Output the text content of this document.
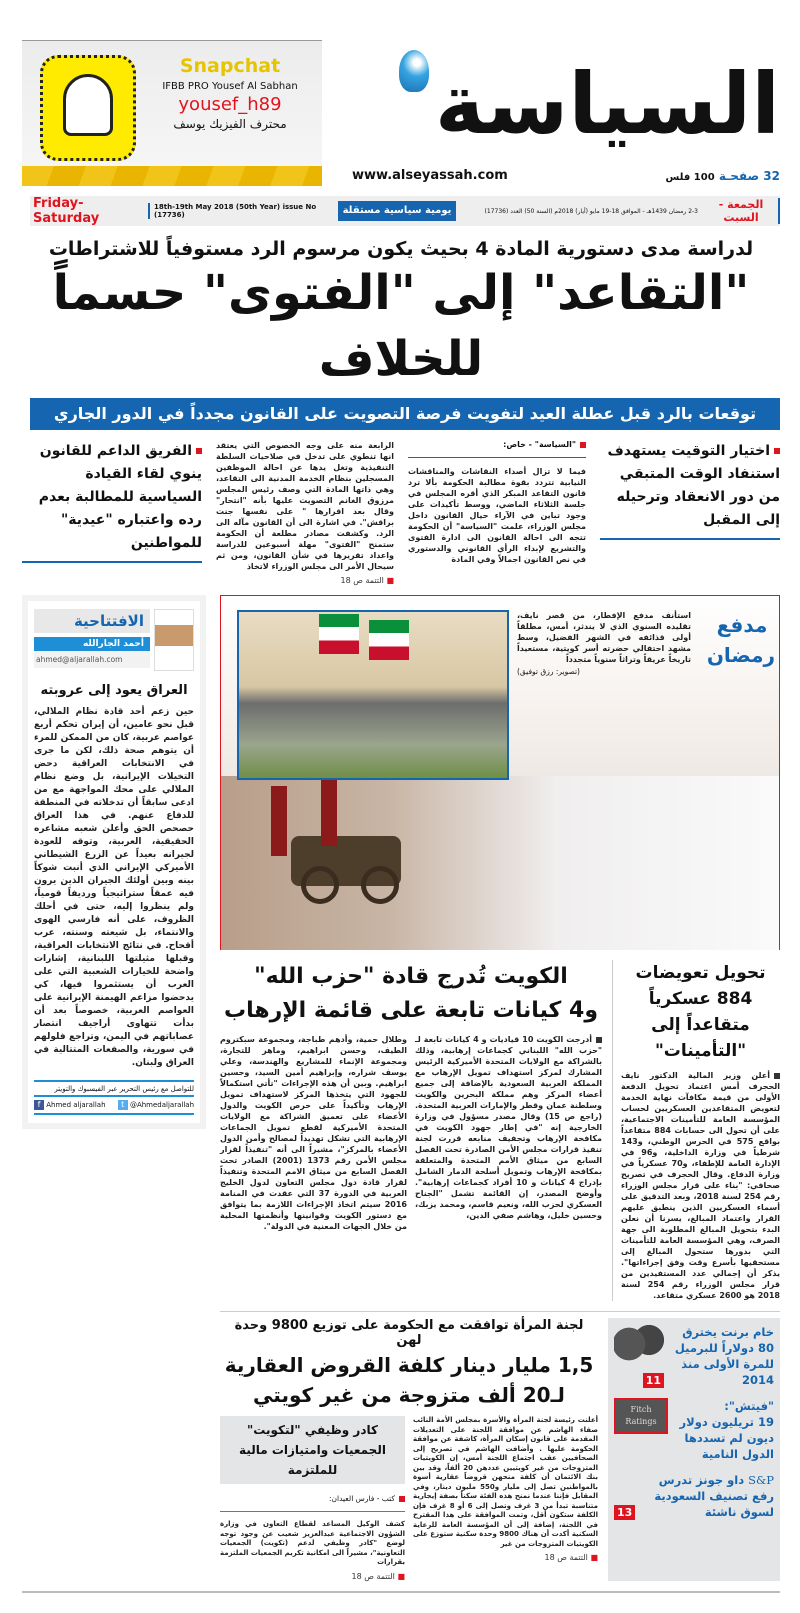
Snapchat
IFBB PRO Yousef Al Sabhan
yousef_h89
محترف الفيزيك يوسف	السياسة
www.alseyassah.com	32 صفحـة 100 فلس
Friday-Saturday
18th-19th May 2018 (50th Year) issue No (17736)	يومية سياسية مستقلة	2-3 رمضان 1439هـ - الموافق 18-19 مايو (أيار) 2018م (السنة 50) العدد (17736)	الجمعة - السبت
لدراسة مدى دستورية المادة 4 بحيث يكون مرسوم الرد مستوفياً للاشتراطات
"التقاعد" إلى "الفتوى" حسماً للخلاف
توقعات بالرد قبل عطلة العيد لتفويت فرصة التصويت على القانون مجدداً في الدور الجاري
اختيار التوقيت يستهدف استنفاد الوقت المتبقي من دور الانعقاد وترحيله إلى المقبل
"السياسة" - خاص:
فيما لا تزال أصداء النقاشات والمناقشات النيابية تتردد بقوة مطالبة الحكومة بألا ترد قانون التقاعد المبكر الذي أقره المجلس في جلسة الثلاثاء الماضي، ووسط تأكيدات على وجود تباين في الآراء حيال القانون داخل مجلس الوزراء، علمت "السياسة" أن الحكومة تتجه الى احالة القانون الى ادارة الفتوى والتشريع لإبداء الرأي القانوني والدستوري في نص القانون اجمالاً وفي المادة
الرابعة منه على وجه الخصوص التي يعتقد انها تنطوي على تدخل في صلاحيات السلطة التنفيذية وتغل يدها عن احالة الموظفين المسجلين بنظام الخدمة المدنية الى التقاعد، وهي ذاتها المادة التي وصف رئيس المجلس مرزوق الغانم التصويت عليها بأنه "انتحار" وقال بعد اقرارها " على نفسها جنت براقش". في اشارة الى أن القانون مآله الى الرد. وكشفت مصادر مطلعة أن الحكومة ستمنح "الفتوى" مهلة أسبوعين للدراسة واعداد تقريرها في شأن القانون، ومن ثم سيحال الأمر الى مجلس الوزراء لاتخاذ
■ التتمة ص 18
الفريق الداعم للقانون ينوي لقاء القيادة السياسية للمطالبة بعدم رده واعتباره "عيدية" للمواطنين
الافتتاحية
أحمد الجارالله
ahmed@aljarallah.com
العراق يعود إلى عروبته
حين زعم أحد قادة نظام الملالي، قبل نحو عامين، أن إيران تحكم أربع عواصم عربية، كان من الممكن للمرء أن يتوهم صحة ذلك، لكن ما جرى في الانتخابات العراقية دحض التخيلات الإيرانية، بل وضع نظام الملالي على محك المواجهة مع من ادعى سابقاً أن تدخلاته في المنطقة للدفاع عنهم. في هذا العراق حصحص الحق وأعلن شعبه مشاعره الحقيقية، العربية، وتوقه للعودة لجيرانه بعيداً عن الزرع الشيطاني الأميركي الإيراني الذي أنبت شوكاً بينه وبين أولئك الجيران الذين يرون فيه عمقاً ستراتيجياً ورديفاً قومياً، ولم ينظروا إليه، حتى في أحلك الظروف، على أنه فارسي الهوى والانتماء، بل شيعته وسنته، عرب أقحاح. في نتائج الانتخابات العراقية، وقبلها مثيلتها اللبنانية، إشارات واضحة للخيارات الشعبية التي على العرب أن يستثمروا فيها، كي يدحضوا مزاعم الهيمنة الإيرانية على العواصم العربية، خصوصاً بعد أن بدأت تتهاوى أراجيف انتصار عصاباتهم في اليمن، وتراجع فلولهم في سورية، والصفعات المتتالية في العراق ولبنان.
للتواصل مع رئيس التحرير عبر الفيسبوك والتويتر
f Ahmed aljarallah	t @Ahmedaljarallah
مدفع رمضان
استأنف مدفع الإفطار، من قصر نايف، تقليده السنوي الذي لا يندثر، أمس، مطلقاً أولى قذائفه في الشهر الفضيل، وسط مشهد احتفالي حضرته أسر كويتية، مستعيداً تاريخاً عريقاً وتراثاً سنوياً متجدداً
(تصوير: رزق توفيق)
تحويل تعويضات 884 عسكرياً متقاعداً إلى "التأمينات"
أعلن وزير المالية الدكتور نايف الحجرف أمس اعتماد تحويل الدفعة الأولى من قيمة مكافآت نهاية الخدمة لتعويض المتقاعدين العسكريين لحساب المؤسسة العامة للتأمينات الاجتماعية، على أن تحول الى حسابات 884 متقاعداً بواقع 575 في الحرس الوطني، و143 شرطياً في وزارة الداخلية، و96 في الإدارة العامة للإطفاء، و70 عسكرياً في وزارة الدفاع. وقال الحجرف في تصريح صحافي: "بناء على قرار مجلس الوزراء رقم 254 لسنة 2018، وبعد التدقيق على أسماء العسكريين الذين ينطبق عليهم القرار واعتماد المبالغ، يسرنا أن نعلن البدء بتحويل المبالغ المطلوبة الى جهة الصرف، وهي المؤسسة العامة للتأمينات التي بدورها ستحول المبالغ إلى مستحقيها بأسرع وقت وفق إجراءاتها". يذكر أن إجمالي عدد المستفيدين من قرار مجلس الوزراء رقم 254 لسنة 2018 هو 2600 عسكري متقاعد.
الكويت تُدرج قادة "حزب الله"
و4 كيانات تابعة على قائمة الإرهاب
أدرجت الكويت 10 قياديات و 4 كيانات تابعة لـ "حزب الله" اللبناني كجماعات إرهابية، وذلك بالشراكة مع الولايات المتحدة الأميركية الرئيس المشارك لمركز استهداف تمويل الإرهاب مع المملكة العربية السعودية بالإضافة إلى جميع أعضاء المركز وهم مملكة البحرين والكويت وسلطنة عمان وقطر والإمارات العربية المتحدة. (راجع ص 15) وقال مصدر مسؤول في وزارة الخارجية إنه "في إطار جهود الكويت في مكافحة الإرهاب وتجفيف منابعه قررت لجنة تنفيذ قرارات مجلس الأمن الصادرة تحت الفصل السابع من ميثاق الأمم المتحدة والمتعلقة بمكافحة الإرهاب وتمويل أسلحة الدمار الشامل بإدراج 4 كيانات و 10 أفراد كجماعات إرهابية". وأوضح المصدر، إن القائمة تشمل "الجناح العسكري لحزب الله، ونعيم قاسم، ومحمد يزبك، وحسين خليل، وهاشم صفي الدين،
وطلال حمية، وأدهم طباجة، ومجموعة سبكتروم الطيف، وحسن ابراهيم، وماهر للتجارة، ومجموعة الإنماء للمشاريع والهندسة، وعلي يوسف شراره، وإبراهيم أمين السيد، وحسين ابراهيم. وبين أن هذه الإجراءات "تأتي استكمالاً للجهود التي يتخذها المركز لاستهداف تمويل الإرهاب وتأكيداً على حرص الكويت والدول الأعضاء على تعميق الشراكة مع الولايات المتحدة الأميركية لقطع تمويل الجماعات الإرهابية التي تشكل تهديداً لمصالح وأمن الدول الأعضاء بالمركز"، مشيراً الى أنه "تنفيذاً لقرار مجلس الأمن رقم 1373 (2001) الصادر تحت الفصل السابع من ميثاق الامم المتحدة وتنفيذاً لقرار قادة دول مجلس التعاون لدول الخليج العربية في الدورة 37 التي عقدت في المنامة 2016 سيتم اتخاذ الإجراءات اللازمة بما يتوافق مع دستور الكويت وقوانينها وأنظمتها المحلية من خلال الجهات المعنية في الدولة".
خام برنت يخترق 80 دولاراً للبرميل للمرة الأولى منذ 2014
11
"فيتش":
19 تريليون دولار ديون لم تسددها الدول النامية
Fitch Ratings
S&P داو جونز تدرس رفع تصنيف السعودية لسوق ناشئة
13
لجنة المرأة توافقت مع الحكومة على توزيع 9800 وحدة لهن
1,5 مليار دينار كلفة القروض العقارية
لـ20 ألف متزوجة من غير كويتي
أعلنت رئيسة لجنة المرأة والأسرة بمجلس الأمة النائب صفاء الهاشم عن موافقة اللجنة على التعديلات المقدمة على قانون إسكان المرأة، كاشفة عن موافقة الحكومة عليها . وأضافت الهاشم في تصريح إلى الصحافيين عقب اجتماع اللجنة أمس، إن الكويتيات المتزوجات من غير كويتيين عددهن 20 ألفاً، وقد بين بنك الائتمان أن كلفة منحهن قروضاً عقارية أسوة بالمواطنين تصل إلى مليار و550 مليون دينار، وفي المقابل فإننا عندما نمنح هذه الفئة سكناً بصفة إيجارية متناسبة تبدأ من 3 غرف وتصل إلى 6 أو 8 غرف فإن الكلفة ستكون أقل، وتمت الموافقة على هذا المقترح في اللجنة، إضافة إلى أن المؤسسة العامة للرعاية السكنية أكدت أن هناك 9800 وحدة سكنية ستوزع على الكويتيات المتزوجات من غير
■ التتمة ص 18
كادر وظيفي "لتكويت" الجمعيات وامتيازات مالية للملتزمة
كتب - فارس العيدان:
كشف الوكيل المساعد لقطاع التعاون في وزارة الشؤون الاجتماعية عبدالعزيز شعيب عن وجود توجه لوضع "كادر وظيفي لدعم (تكويت) الجمعيات التعاونية"، مشيراً الى امكانية تكريم الجمعيات الملتزمة بقرارات
■ التتمة ص 18
